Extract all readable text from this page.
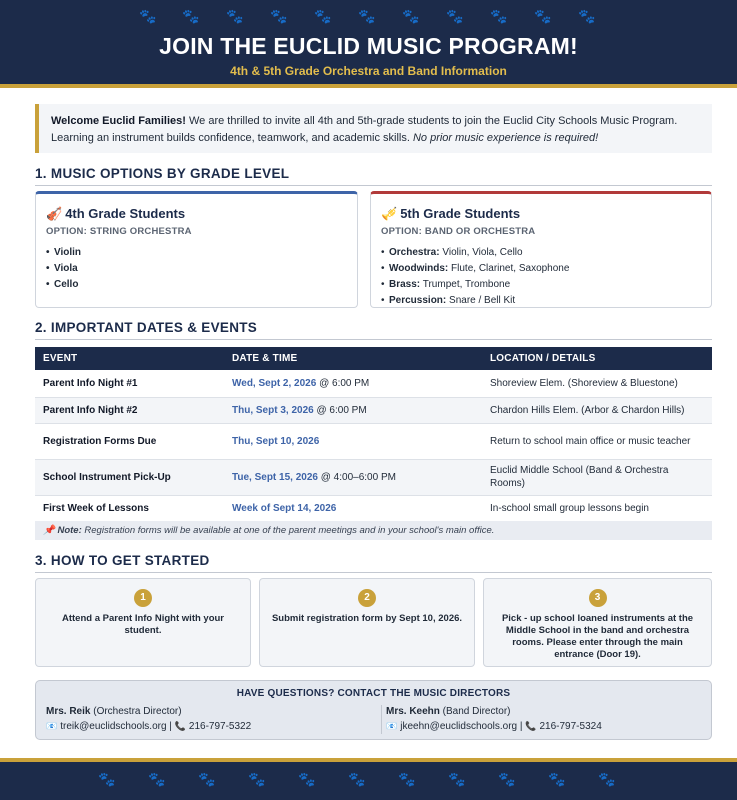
🐾 🐾 🐾 🐾 🐾 🐾 🐾 🐾 🐾 🐾 🐾
JOIN THE EUCLID MUSIC PROGRAM!
4th & 5th Grade Orchestra and Band Information
Welcome Euclid Families! We are thrilled to invite all 4th and 5th-grade students to join the Euclid City Schools Music Program. Learning an instrument builds confidence, teamwork, and academic skills. No prior music experience is required!
1. MUSIC OPTIONS BY GRADE LEVEL
🎻 4th Grade Students
OPTION: STRING ORCHESTRA
• Violin
• Viola
• Cello
🎺 5th Grade Students
OPTION: BAND OR ORCHESTRA
• Orchestra: Violin, Viola, Cello
• Woodwinds: Flute, Clarinet, Saxophone
• Brass: Trumpet, Trombone
• Percussion: Snare / Bell Kit
2. IMPORTANT DATES & EVENTS
EVENT	DATE & TIME	LOCATION / DETAILS
Parent Info Night #1	Wed, Sept 2, 2026 @ 6:00 PM	Shoreview Elem. (Shoreview & Bluestone)
Parent Info Night #2	Thu, Sept 3, 2026 @ 6:00 PM	Chardon Hills Elem. (Arbor & Chardon Hills)
Registration Forms Due	Thu, Sept 10, 2026	Return to school main office or music teacher
School Instrument Pick-Up	Tue, Sept 15, 2026 @ 4:00–6:00 PM	Euclid Middle School (Band & Orchestra Rooms)
First Week of Lessons	Week of Sept 14, 2026	In-school small group lessons begin
📌 Note: Registration forms will be available at one of the parent meetings and in your school's main office.
3. HOW TO GET STARTED
1
Attend a Parent Info Night with your student.
2
Submit registration form by Sept 10, 2026.
3
Pick - up school loaned instruments at the Middle School in the band and orchestra rooms. Please enter through the main entrance (Door 19).
HAVE QUESTIONS? CONTACT THE MUSIC DIRECTORS
Mrs. Reik (Orchestra Director)
📧 treik@euclidschools.org | 📞 216-797-5322
Mrs. Keehn (Band Director)
📧 jkeehn@euclidschools.org | 📞 216-797-5324
🐾 🐾 🐾 🐾 🐾 🐾 🐾 🐾 🐾 🐾 🐾
